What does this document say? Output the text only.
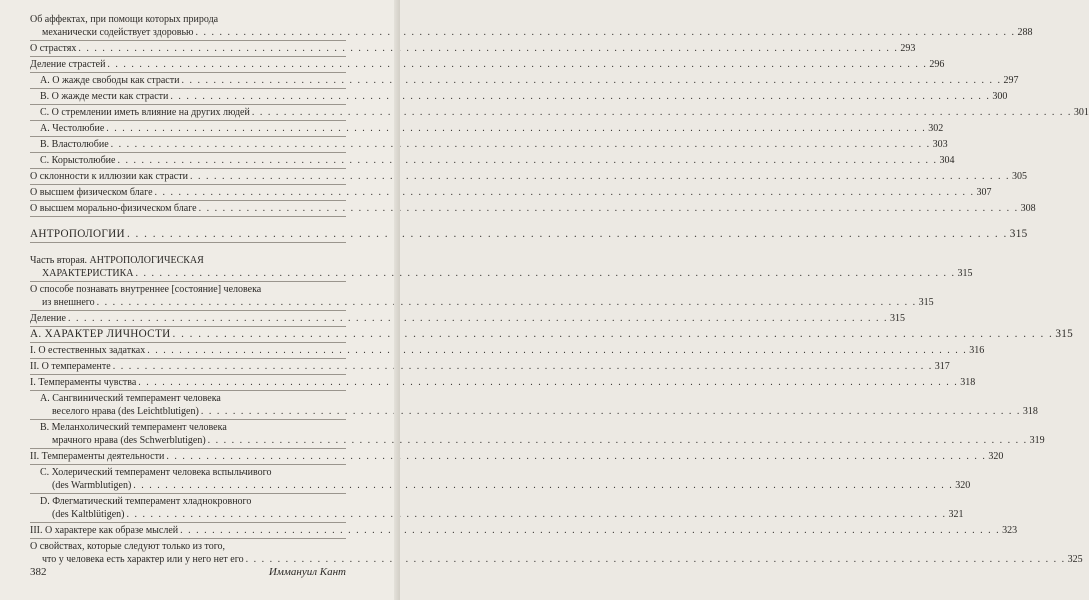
Об аффектах, при помощи которых природа
механически содействует здоровью . . .	288
О страстях . . .	293
Деление страстей . . .	296
А. О жажде свободы как страсти . . .	297
В. О жажде мести как страсти . . .	300
С. О стремлении иметь влияние на других людей . . .	301
А. Честолюбие . . .	302
В. Властолюбие . . .	303
С. Корыстолюбие . . .	304
О склонности к иллюзии как страсти . . .	305
О высшем физическом благе . . .	307
О высшем морально-физическом благе . . .	308
АНТРОПОЛОГИИ . . .	315
Часть вторая. АНТРОПОЛОГИЧЕСКАЯ
ХАРАКТЕРИСТИКА . . .	315
О способе познавать внутреннее [состояние] человека
из внешнего . . .	315
Деление . . .	315
А. ХАРАКТЕР ЛИЧНОСТИ . . .	315
I. О естественных задатках . . .	316
II. О темпераменте . . .	317
I. Темпераменты чувства . . .	318
А. Сангвинический темперамент человека
веселого нрава (des Leichtblutigen) . . .	318
В. Меланхолический темперамент человека
мрачного нрава (des Schwerblutigen) . . .	319
II. Темпераменты деятельности . . .	320
С. Холерический темперамент человека вспыльчивого
(des Warmblutigen) . . .	320
D. Флегматический темперамент хладнокровного
(des Kaltblütigen) . . .	321
III. О характере как образе мыслей . . .	323
О свойствах, которые следуют только из того,
что у человека есть характер или у него нет его . . .	325
382	Иммануил Кант
